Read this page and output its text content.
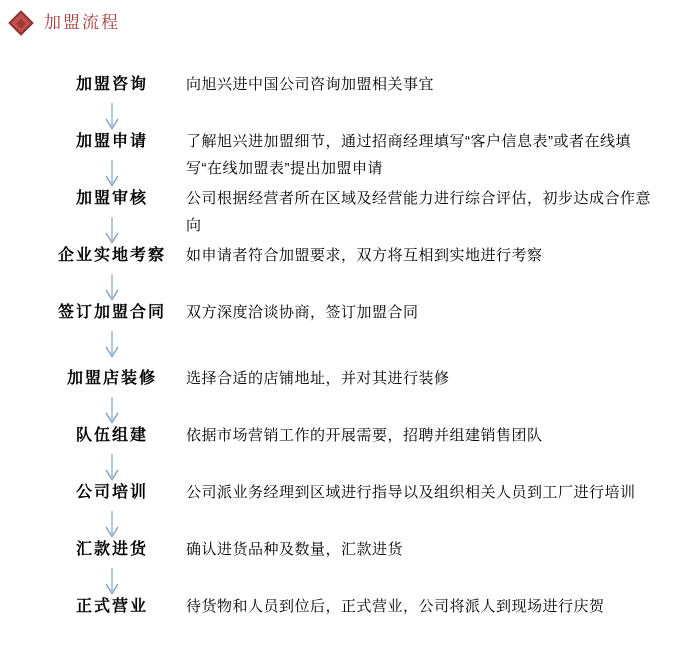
加盟流程
加盟咨询	向旭兴进中国公司咨询加盟相关事宜
加盟申请	了解旭兴进加盟细节，通过招商经理填写“客户信息表”或者在线填写“在线加盟表”提出加盟申请
加盟审核	公司根据经营者所在区域及经营能力进行综合评估，初步达成合作意向
企业实地考察 如申请者符合加盟要求，双方将互相到实地进行考察
签订加盟合同 双方深度洽谈协商，签订加盟合同
加盟店装修 选择合适的店铺地址，并对其进行装修
队伍组建	依据市场营销工作的开展需要，招聘并组建销售团队
公司培训	公司派业务经理到区域进行指导以及组织相关人员到工厂进行培训
汇款进货	确认进货品种及数量，汇款进货
正式营业	待货物和人员到位后，正式营业，公司将派人到现场进行庆贺
